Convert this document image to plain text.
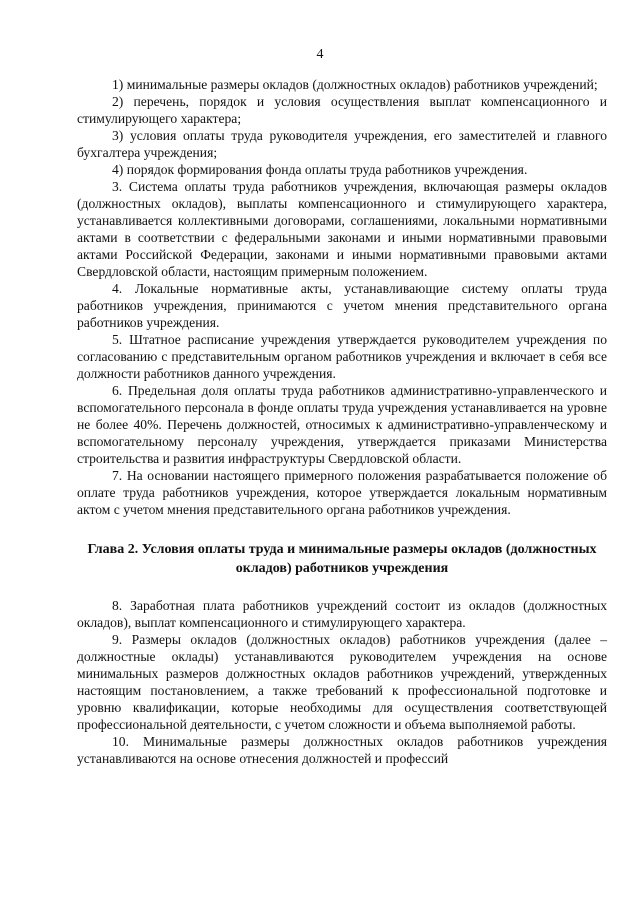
4

1) минимальные размеры окладов (должностных окладов) работников учреждений;

2) перечень, порядок и условия осуществления выплат компенсационного и стимулирующего характера;

3) условия оплаты труда руководителя учреждения, его заместителей и главного бухгалтера учреждения;

4) порядок формирования фонда оплаты труда работников учреждения.

3. Система оплаты труда работников учреждения, включающая размеры окладов (должностных окладов), выплаты компенсационного и стимулирующего характера, устанавливается коллективными договорами, соглашениями, локальными нормативными актами в соответствии с федеральными законами и иными нормативными правовыми актами Российской Федерации, законами и иными нормативными правовыми актами Свердловской области, настоящим примерным положением.

4. Локальные нормативные акты, устанавливающие систему оплаты труда работников учреждения, принимаются с учетом мнения представительного органа работников учреждения.

5. Штатное расписание учреждения утверждается руководителем учреждения по согласованию с представительным органом работников учреждения и включает в себя все должности работников данного учреждения.

6. Предельная доля оплаты труда работников административно-управленческого и вспомогательного персонала в фонде оплаты труда учреждения устанавливается на уровне не более 40%. Перечень должностей, относимых к административно-управленческому и вспомогательному персоналу учреждения, утверждается приказами Министерства строительства и развития инфраструктуры Свердловской области.

7. На основании настоящего примерного положения разрабатывается положение об оплате труда работников учреждения, которое утверждается локальным нормативным актом с учетом мнения представительного органа работников учреждения.

Глава 2. Условия оплаты труда и минимальные размеры окладов (должностных окладов) работников учреждения

8. Заработная плата работников учреждений состоит из окладов (должностных окладов), выплат компенсационного и стимулирующего характера.

9. Размеры окладов (должностных окладов) работников учреждения (далее – должностные оклады) устанавливаются руководителем учреждения на основе минимальных размеров должностных окладов работников учреждений, утвержденных настоящим постановлением, а также требований к профессиональной подготовке и уровню квалификации, которые необходимы для осуществления соответствующей профессиональной деятельности, с учетом сложности и объема выполняемой работы.

10. Минимальные размеры должностных окладов работников учреждения устанавливаются на основе отнесения должностей и профессий
